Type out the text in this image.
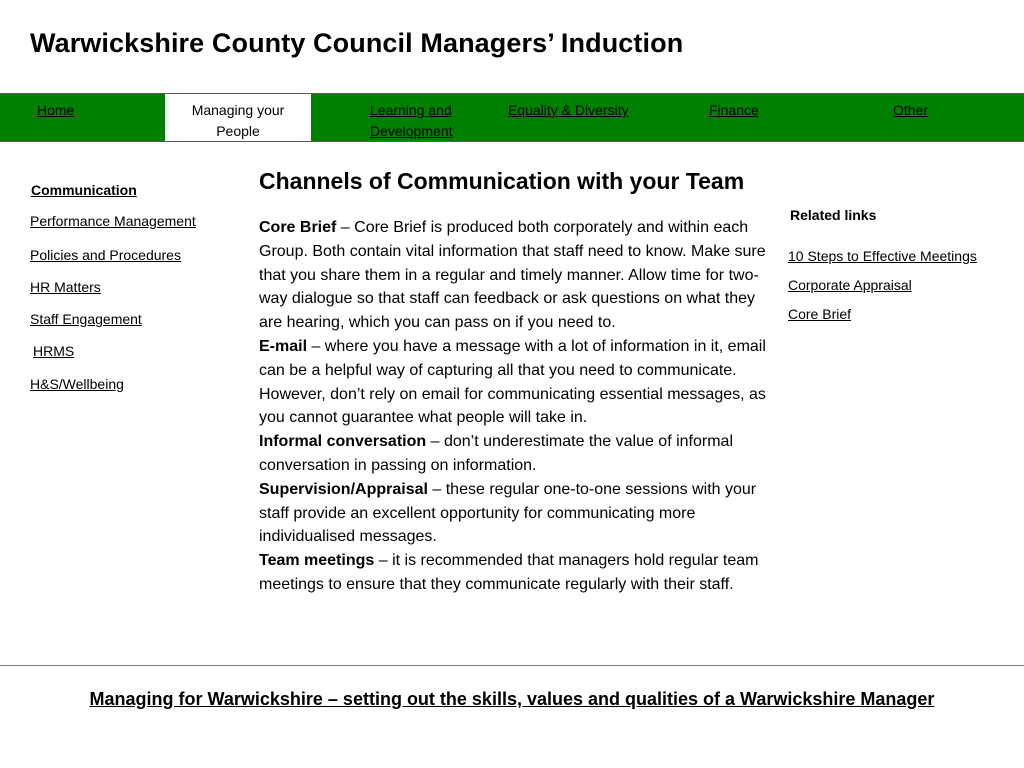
Warwickshire County Council Managers’ Induction
Home	Managing your People
Learning and Development
Equality & Diversity	Finance	Other
Communication
Performance Management
Policies and Procedures
HR Matters
Staff Engagement
HRMS
H&S/Wellbeing
Channels of Communication with your Team

Core Brief – Core Brief is produced both corporately and within each Group. Both contain vital information that staff need to know. Make sure that you share them in a regular and timely manner. Allow time for two-way dialogue so that staff can feedback or ask questions on what they are hearing, which you can pass on if you need to.

E-mail – where you have a message with a lot of information in it, email can be a helpful way of capturing all that you need to communicate. However, don’t rely on email for communicating essential messages, as you cannot guarantee what people will take in.

Informal conversation – don’t underestimate the value of informal conversation in passing on information.

Supervision/Appraisal – these regular one-to-one sessions with your staff provide an excellent opportunity for communicating more individualised messages.

Team meetings – it is recommended that managers hold regular team meetings to ensure that they communicate regularly with their staff.

Related links
10 Steps to Effective Meetings
Corporate Appraisal
Core Brief
Managing for Warwickshire – setting out the skills, values and qualities of a Warwickshire Manager
